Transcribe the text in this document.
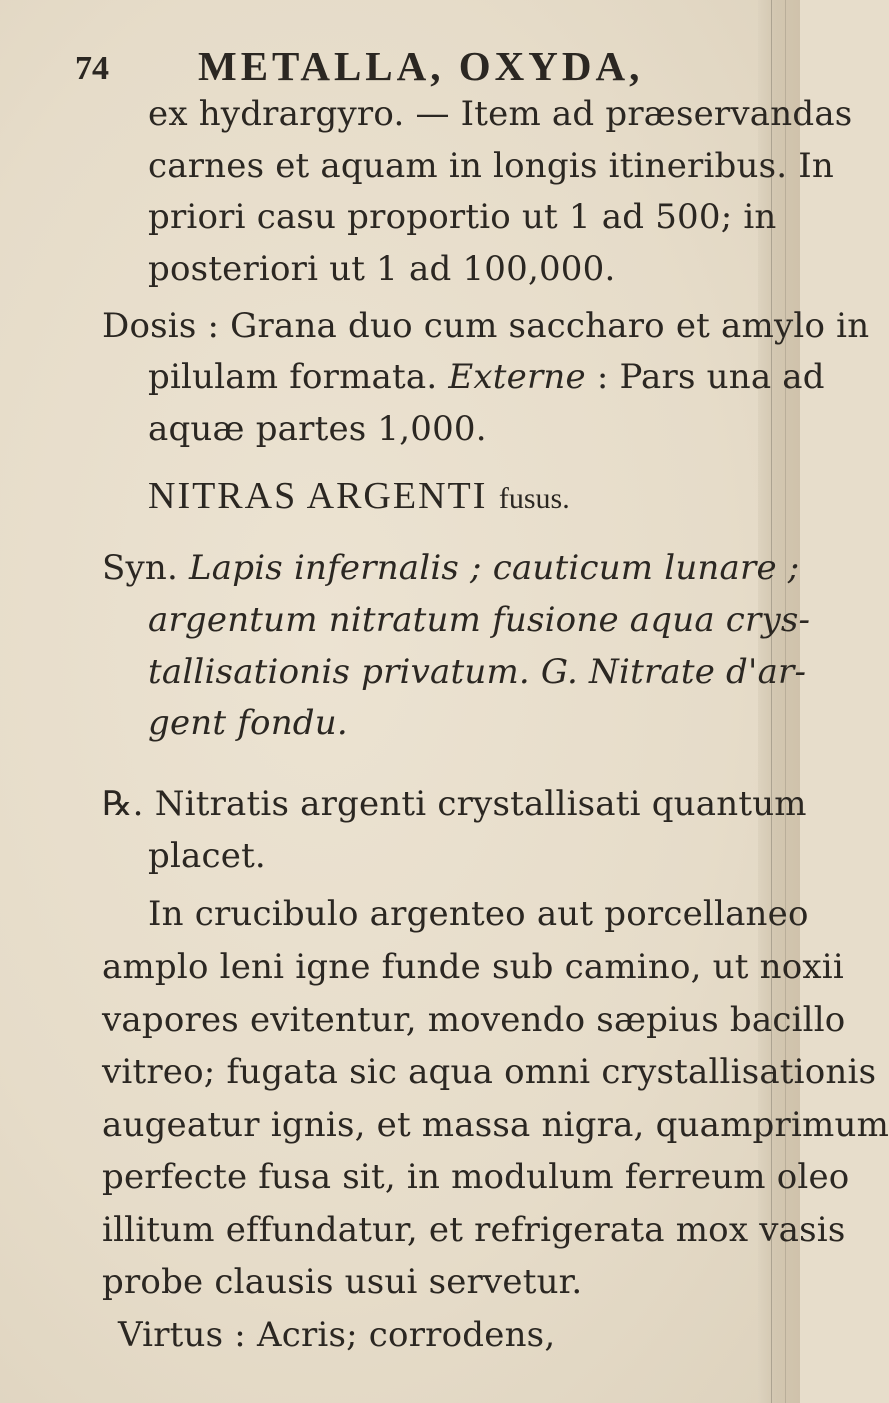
74 METALLA, OXYDA,
ex hydrargyro. — Item ad præservandas
carnes et aquam in longis itineribus. In
priori casu proportio ut 1 ad 500; in
posteriori ut 1 ad 100,000.
Dosis : Grana duo cum saccharo et amylo in
pilulam formata. Externe : Pars una ad
aquæ partes 1,000.
NITRAS ARGENTI fusus.
Syn. Lapis infernalis ; cauticum lunare ;
argentum nitratum fusione aqua crys-
tallisationis privatum. G. Nitrate d'ar-
gent fondu.
℞. Nitratis argenti crystallisati quantum
placet.
In crucibulo argenteo aut porcellaneo
amplo leni igne funde sub camino, ut noxii
vapores evitentur, movendo sæpius bacillo
vitreo; fugata sic aqua omni crystallisationis
augeatur ignis, et massa nigra, quamprimum
perfecte fusa sit, in modulum ferreum oleo
illitum effundatur, et refrigerata mox vasis
probe clausis usui servetur.
Virtus : Acris; corrodens,
